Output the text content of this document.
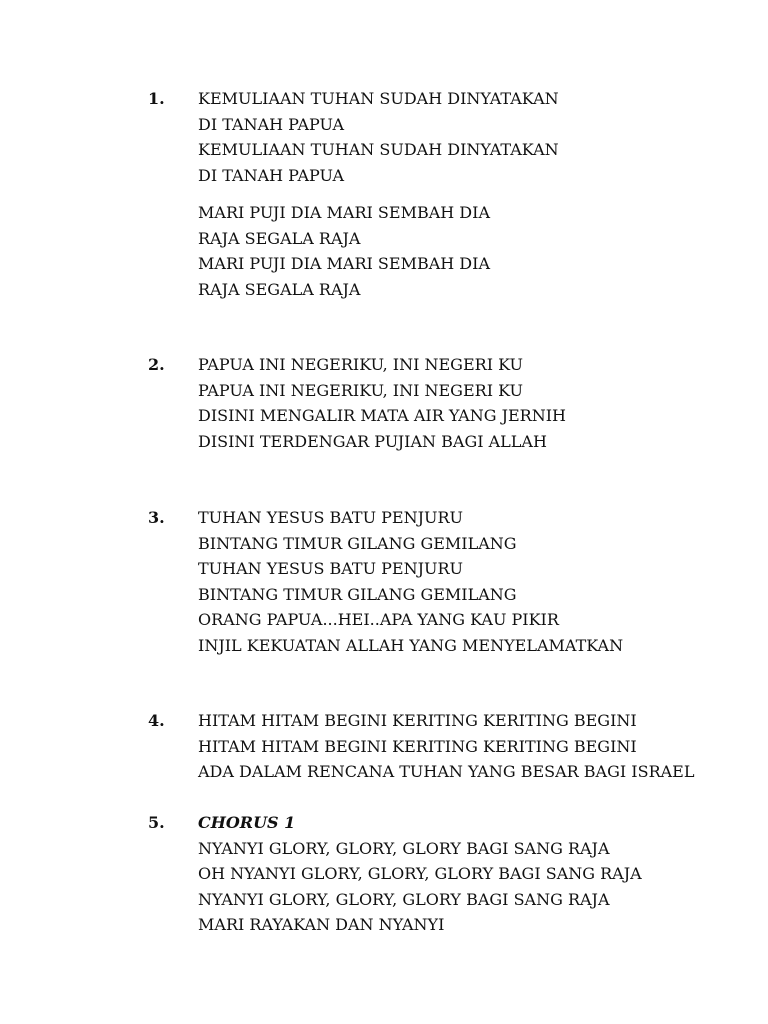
1. KEMULIAAN TUHAN SUDAH DINYATAKAN
DI TANAH PAPUA
KEMULIAAN TUHAN SUDAH DINYATAKAN
DI TANAH PAPUA
MARI PUJI DIA MARI SEMBAH DIA
RAJA SEGALA RAJA
MARI PUJI DIA MARI SEMBAH DIA
RAJA SEGALA RAJA
2. PAPUA INI NEGERIKU, INI NEGERI KU
PAPUA INI NEGERIKU, INI NEGERI KU
DISINI MENGALIR MATA AIR YANG JERNIH
DISINI TERDENGAR PUJIAN BAGI ALLAH
3. TUHAN YESUS BATU PENJURU
BINTANG TIMUR GILANG GEMILANG
TUHAN YESUS BATU PENJURU
BINTANG TIMUR GILANG GEMILANG
ORANG PAPUA...HEI..APA YANG KAU PIKIR
INJIL KEKUATAN ALLAH YANG MENYELAMATKAN
4. HITAM HITAM BEGINI KERITING KERITING BEGINI
HITAM HITAM BEGINI KERITING KERITING BEGINI
ADA DALAM RENCANA TUHAN YANG BESAR BAGI ISRAEL
5. CHORUS 1
NYANYI GLORY, GLORY, GLORY BAGI SANG RAJA
OH NYANYI GLORY, GLORY, GLORY BAGI SANG RAJA
NYANYI GLORY, GLORY, GLORY BAGI SANG RAJA
MARI RAYAKAN DAN NYANYI
